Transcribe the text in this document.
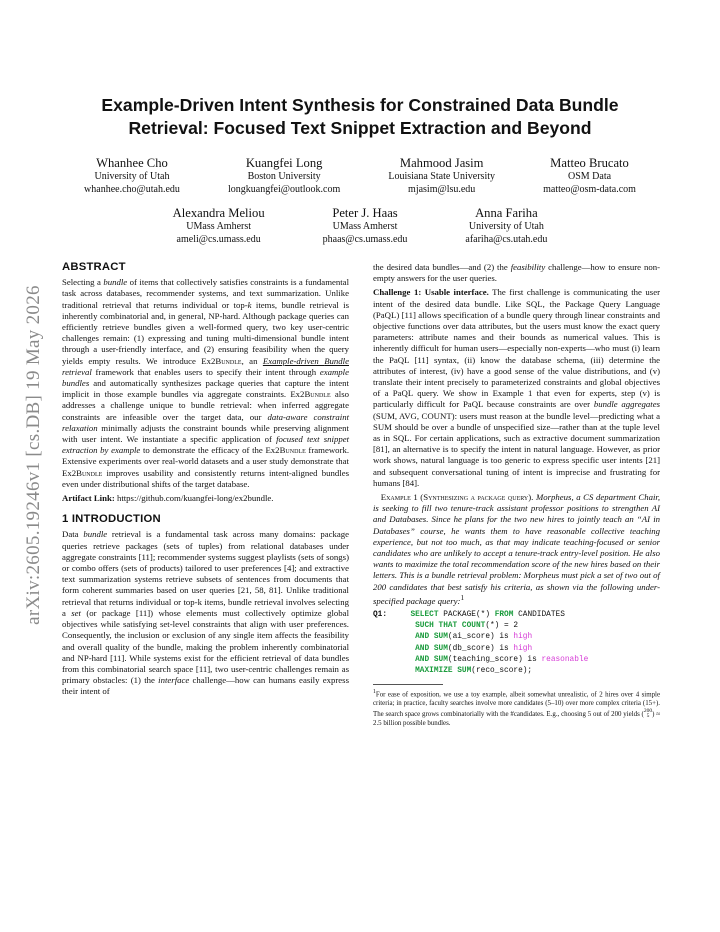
arXiv:2605.19246v1 [cs.DB] 19 May 2026
Example-Driven Intent Synthesis for Constrained Data Bundle
Retrieval: Focused Text Snippet Extraction and Beyond
Whanhee Cho
University of Utah
whanhee.cho@utah.edu
Kuangfei Long
Boston University
longkuangfei@outlook.com
Mahmood Jasim
Louisiana State University
mjasim@lsu.edu
Matteo Brucato
OSM Data
matteo@osm-data.com
Alexandra Meliou
UMass Amherst
ameli@cs.umass.edu
Peter J. Haas
UMass Amherst
phaas@cs.umass.edu
Anna Fariha
University of Utah
afariha@cs.utah.edu
ABSTRACT

Selecting a bundle of items that collectively satisfies constraints is a fundamental task across databases, recommender systems, and text summarization. Unlike traditional retrieval that returns individual or top-k items, bundle retrieval is inherently combinatorial and, in general, NP-hard. Although package queries can efficiently retrieve bundles given a well-formed query, two key user-centric challenges remain: (1) expressing and tuning multi-dimensional bundle intent through a user-friendly interface, and (2) ensuring feasibility when the query yields empty results. We introduce Ex2Bundle, an Example-driven Bundle retrieval framework that enables users to specify their intent through example bundles and automatically synthesizes package queries that capture the intent implicit in those example bundles via aggregate constraints. Ex2Bundle also addresses a challenge unique to bundle retrieval: when inferred aggregate constraints are infeasible over the target data, our data-aware constraint relaxation minimally adjusts the constraint bounds while preserving alignment with user intent. We instantiate a specific application of focused text snippet extraction by example to demonstrate the efficacy of the Ex2Bundle framework. Extensive experiments over real-world datasets and a user study demonstrate that Ex2Bundle improves usability and consistently returns intent-aligned bundles even under distributional shifts of the target database.

Artifact Link: https://github.com/kuangfei-long/ex2bundle.

1 INTRODUCTION

Data bundle retrieval is a fundamental task across many domains: package queries retrieve packages (sets of tuples) from relational databases under aggregate constraints [11]; recommender systems suggest playlists (sets of songs) or combo offers (sets of products) tailored to user preferences [4]; and extractive text summarization systems retrieve subsets of sentences from documents that form coherent summaries based on user queries [21, 58, 81]. Unlike traditional retrieval that returns individual or top-k items, bundle retrieval involves selecting a set (or package [11]) whose elements must collectively optimize global objectives while satisfying set-level constraints that align with user preferences. Consequently, the inclusion or exclusion of any single item affects the feasibility and overall quality of the bundle, making the problem inherently combinatorial and NP-hard [11]. While systems exist for the efficient retrieval of data bundles from this combinatorial search space [11], two user-centric challenges remain as primary obstacles: (1) the interface challenge—how can humans easily express their intent of

the desired data bundles—and (2) the feasibility challenge—how to ensure non-empty answers for the user queries.

Challenge 1: Usable interface. The first challenge is communicating the user intent of the desired data bundle. Like SQL, the Package Query Language (PaQL) [11] allows specification of a bundle query through linear constraints and objective functions over data attributes, but the users must know the exact query parameters: attribute names and their bounds as numerical values. This is inherently difficult for human users—especially non-experts—who must (i) learn the PaQL [11] syntax, (ii) know the database schema, (iii) determine the attributes of interest, (iv) have a good sense of the value distributions, and (v) translate their intent precisely to parameterized constraints and global objectives of a PaQL query. We show in Example 1 that even for experts, step (v) is particularly difficult for PaQL because constraints are over bundle aggregates (SUM, AVG, COUNT): users must reason at the bundle level—predicting what a SUM should be over a bundle of unspecified size—rather than at the tuple level as in SQL. For certain applications, such as extractive document summarization [81], an alternative is to specify the intent in natural language. However, as prior work shows, natural language is too generic to express specific user intents [21] and subsequent conversational tuning of intent is imprecise and frustrating for humans [84].

Example 1 (Synthesizing a package query). Morpheus, a CS department Chair, is seeking to fill two tenure-track assistant professor positions to strengthen AI and Databases. Since he plans for the two new hires to jointly teach an “AI in Databases” course, he wants them to have reasonable collective teaching experience, but not too much, as that may indicate teaching-focused or senior candidates who are unlikely to accept a tenure-track entry-level position. He also wants to maximize the total recommendation score of the new hires based on their letters. This is a bundle retrieval problem: Morpheus must pick a set of two out of 200 candidates that best satisfy his criteria, as shown via the following under-specified package query:$^1$

Q1:	SELECT PACKAGE(*) FROM CANDIDATES
SUCH THAT COUNT(*) = 2
AND SUM(ai_score) is high
AND SUM(db_score) is high
AND SUM(teaching_score) is reasonable
MAXIMIZE SUM(reco_score);
$^1$For ease of exposition, we use a toy example, albeit somewhat unrealistic, of 2 hires over 4 simple criteria; in practice, faculty searches involve more candidates (5–10) over more complex criteria (15+). The search space grows combinatorially with the #candidates. E.g., choosing 5 out of 200 yields (200
5 ) ≈ 2.5 billion possible bundles.
